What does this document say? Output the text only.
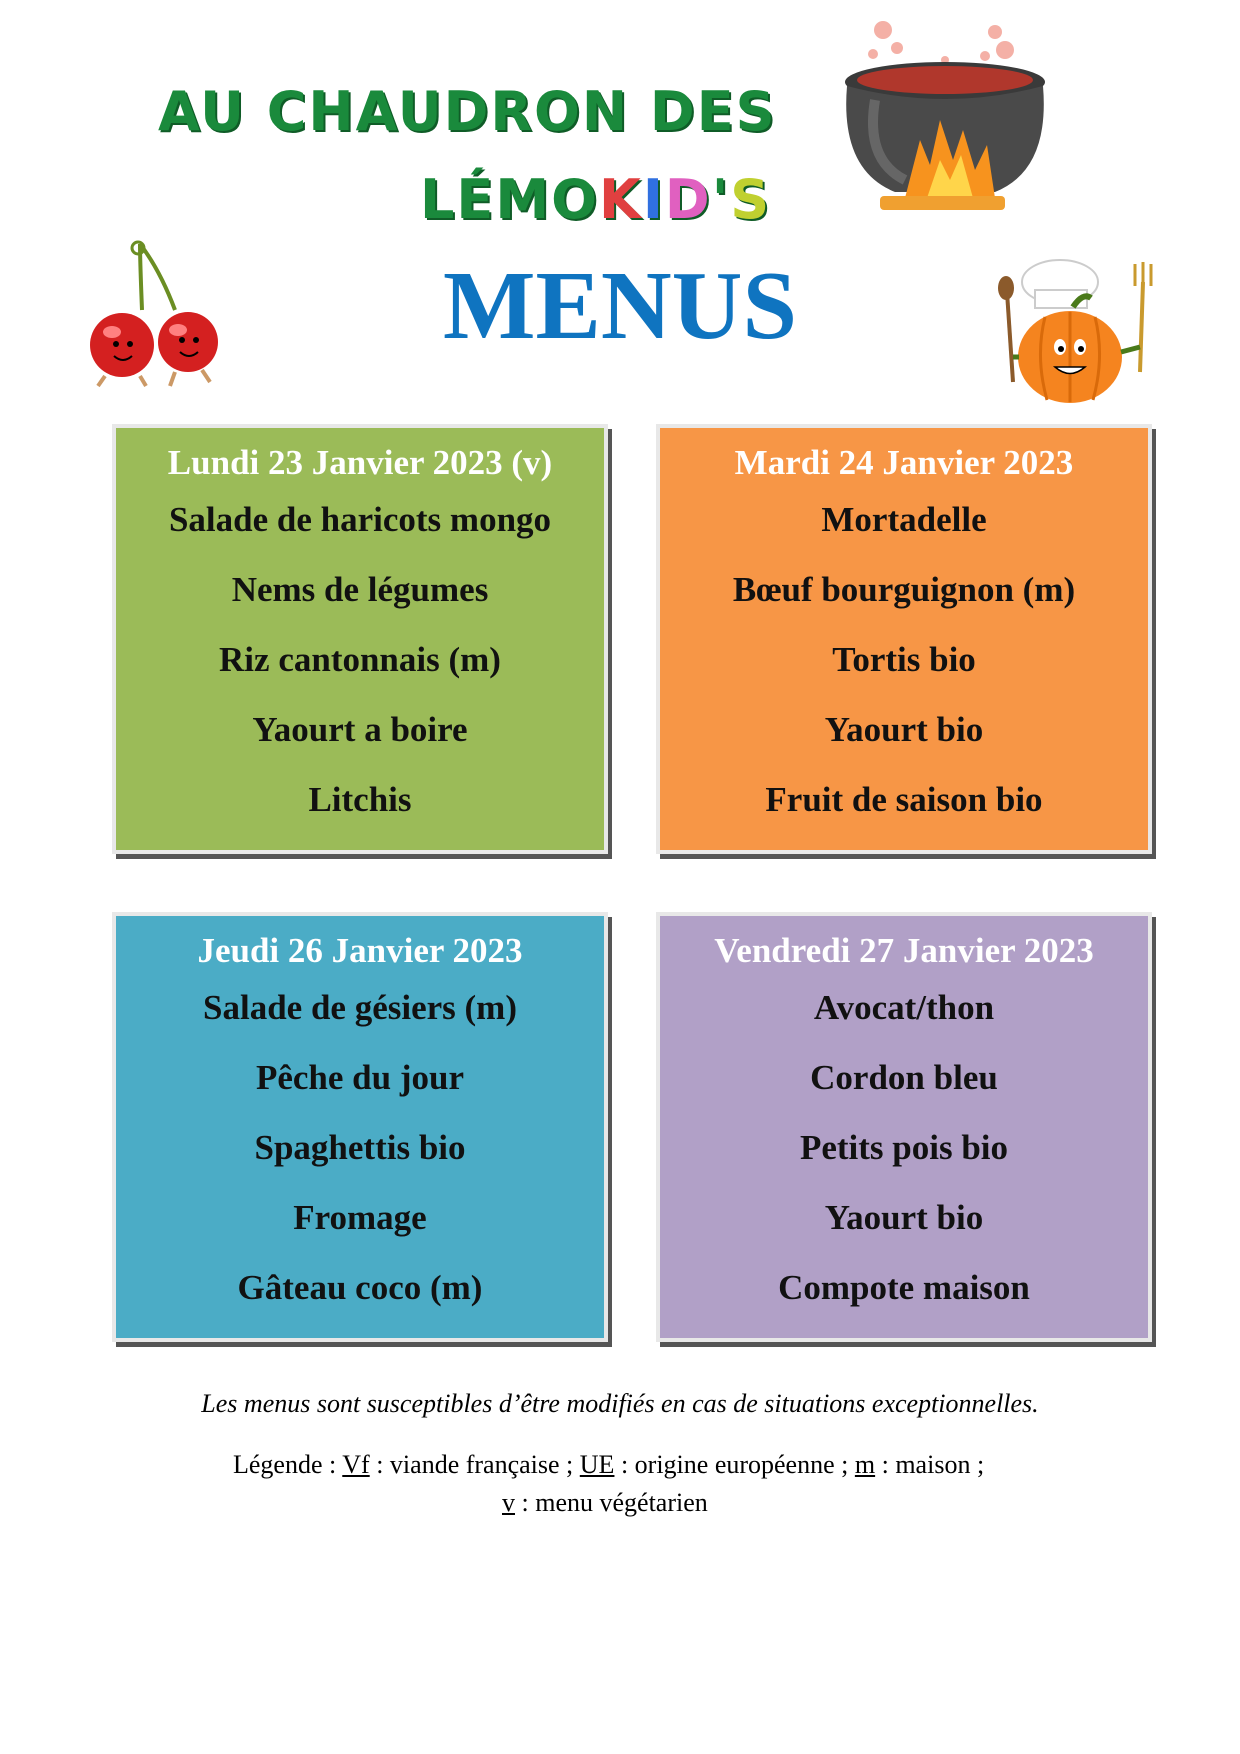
AU CHAUDRON DES
LÉMOKID'S
MENUS
Lundi 23 Janvier 2023 (v)
Salade de haricots mongo
Nems de légumes
Riz cantonnais (m)
Yaourt a boire
Litchis
Mardi 24 Janvier 2023
Mortadelle
Bœuf bourguignon (m)
Tortis bio
Yaourt bio
Fruit de saison bio
Jeudi 26 Janvier 2023
Salade de gésiers (m)
Pêche du jour
Spaghettis bio
Fromage
Gâteau coco (m)
Vendredi 27 Janvier 2023
Avocat/thon
Cordon bleu
Petits pois bio
Yaourt bio
Compote maison

Les menus sont susceptibles d’être modifiés en cas de situations exceptionnelles.

Légende : Vf : viande française ; UE : origine européenne ; m : maison ;
v : menu végétarien
